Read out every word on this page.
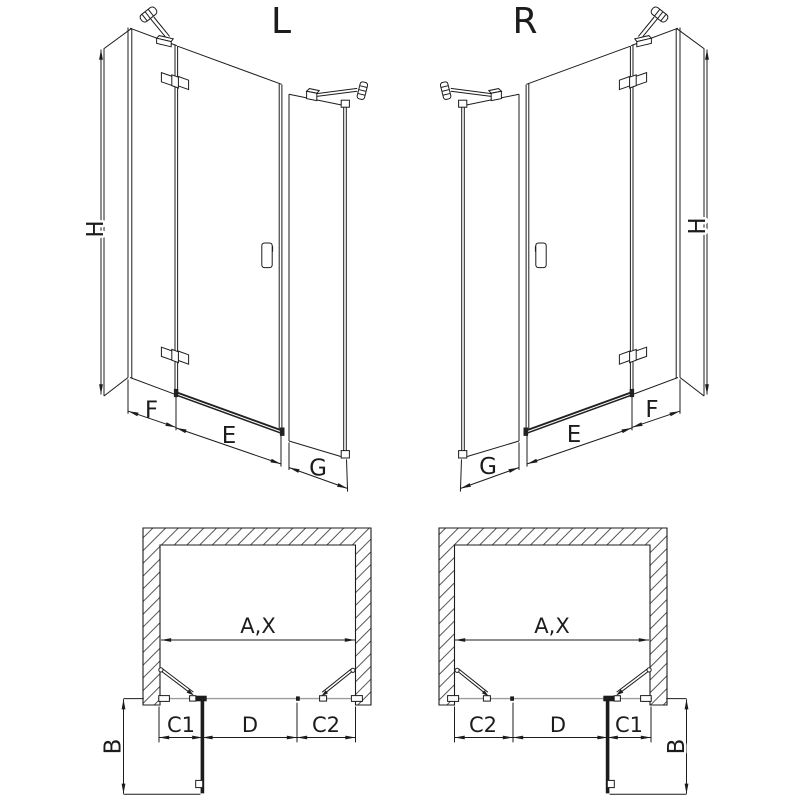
L
H
F
E
G
R
H
G
E
F
A,X
C1 D	C2
B
A,X
C2	D C1
B
